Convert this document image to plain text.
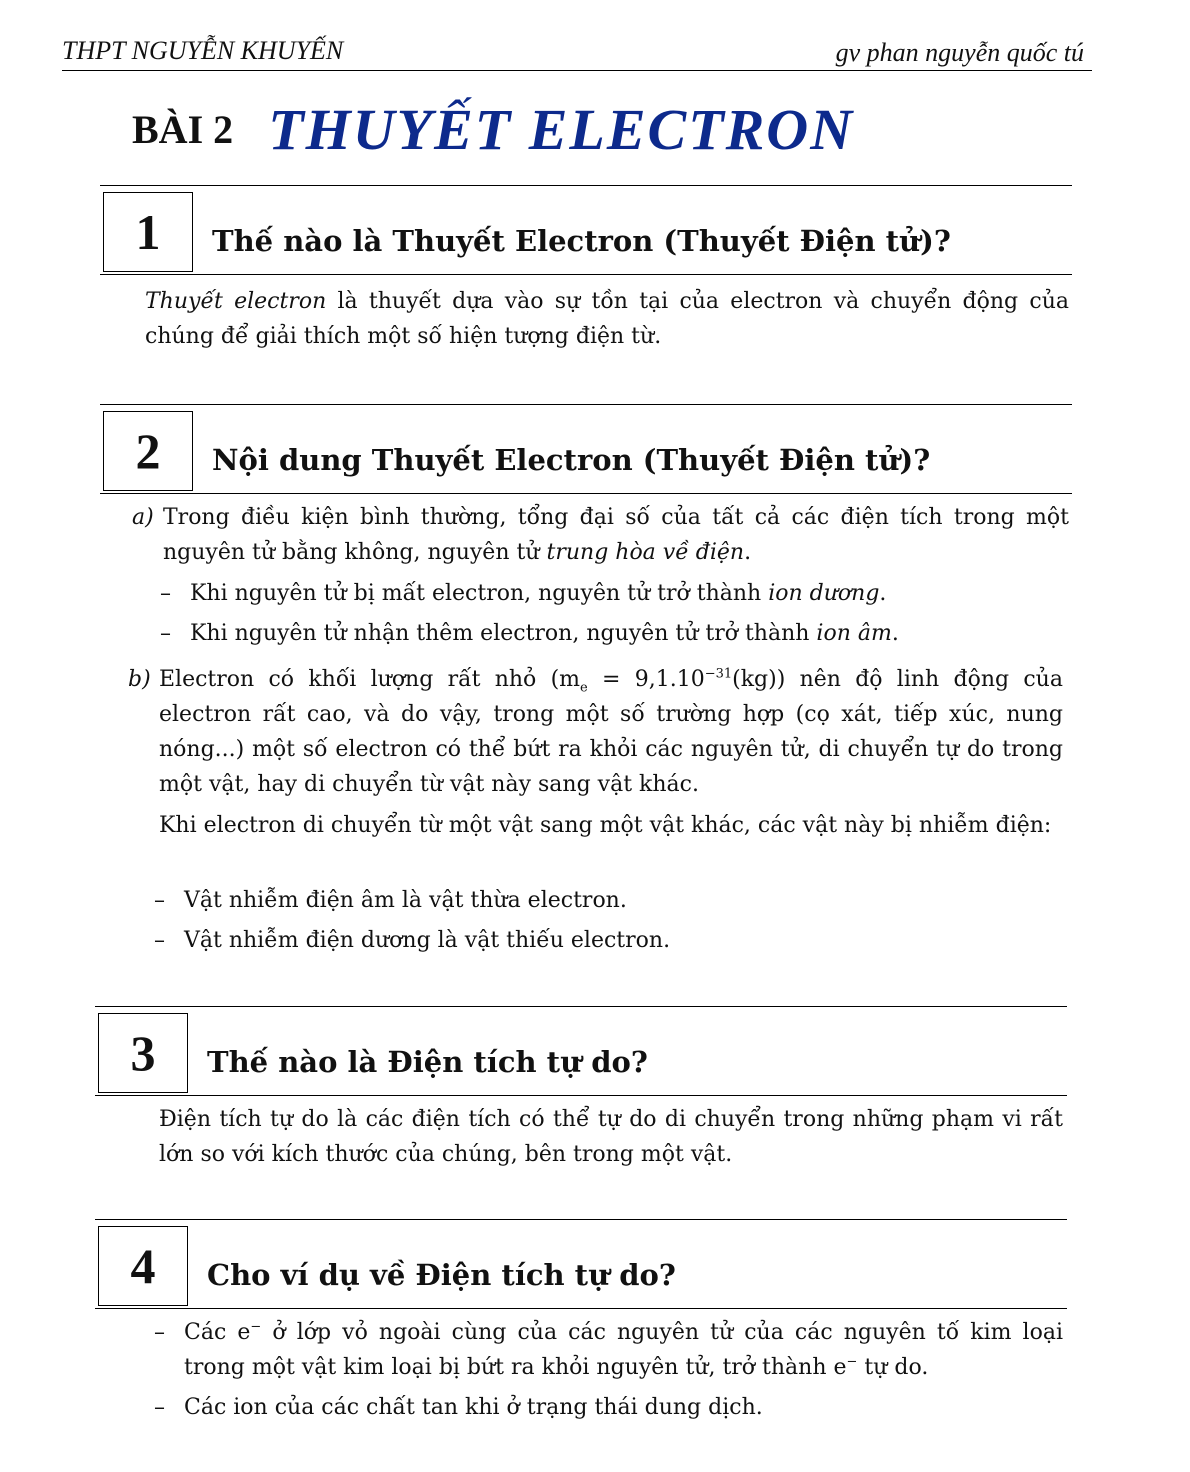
THPT NGUYỄN KHUYẾN	gv phan nguyễn quốc tú
BÀI 2 THUYẾT ELECTRON
1	Thế nào là Thuyết Electron (Thuyết Điện tử)?
Thuyết electron là thuyết dựa vào sự tồn tại của electron và chuyển động của chúng để giải thích một số hiện tượng điện từ.
2	Nội dung Thuyết Electron (Thuyết Điện tử)?
a) Trong điều kiện bình thường, tổng đại số của tất cả các điện tích trong một nguyên tử bằng không, nguyên tử trung hòa về điện.
– Khi nguyên tử bị mất electron, nguyên tử trở thành ion dương.
– Khi nguyên tử nhận thêm electron, nguyên tử trở thành ion âm.
b) Electron có khối lượng rất nhỏ $(m_e = 9,1.10^{-31}(kg))$ nên độ linh động của electron rất cao, và do vậy, trong một số trường hợp (cọ xát, tiếp xúc, nung nóng...) một số electron có thể bứt ra khỏi các nguyên tử, di chuyển tự do trong một vật, hay di chuyển từ vật này sang vật khác.
Khi electron di chuyển từ một vật sang một vật khác, các vật này bị nhiễm điện:
– Vật nhiễm điện âm là vật thừa electron.
– Vật nhiễm điện dương là vật thiếu electron.
3	Thế nào là Điện tích tự do?
Điện tích tự do là các điện tích có thể tự do di chuyển trong những phạm vi rất lớn so với kích thước của chúng, bên trong một vật.
4	Cho ví dụ về Điện tích tự do?
– Các e− ở lớp vỏ ngoài cùng của các nguyên tử của các nguyên tố kim loại trong một vật kim loại bị bứt ra khỏi nguyên tử, trở thành e− tự do.
– Các ion của các chất tan khi ở trạng thái dung dịch.
